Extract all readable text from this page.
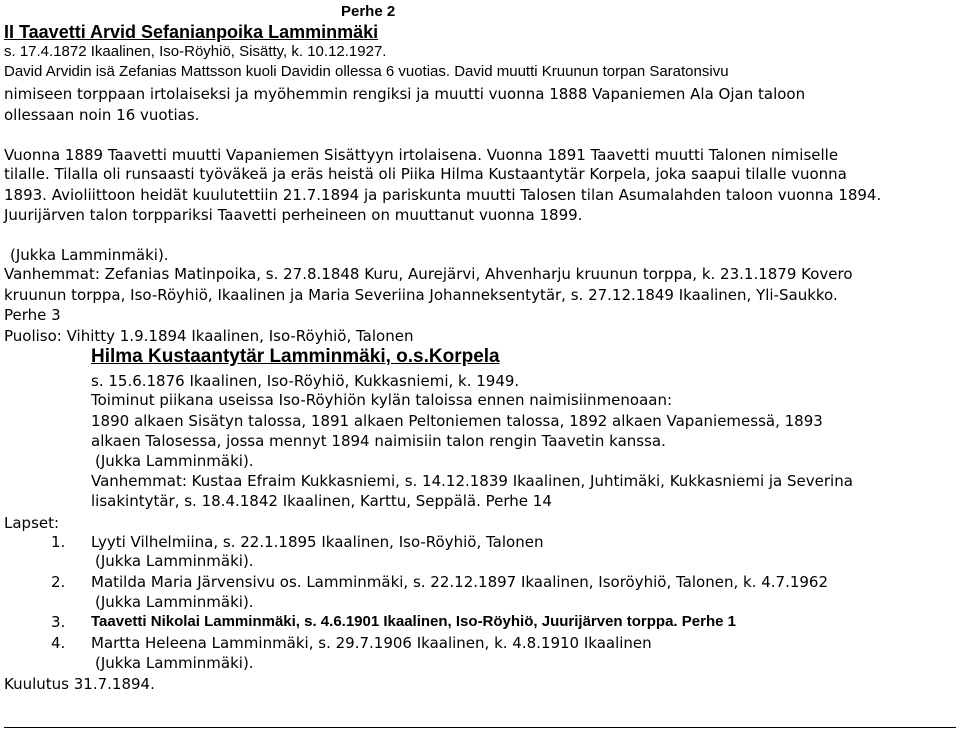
Perhe 2
II Taavetti Arvid Sefanianpoika Lamminmäki
s. 17.4.1872 Ikaalinen, Iso-Röyhiö, Sisätty, k. 10.12.1927.
David Arvidin isä Zefanias Mattsson kuoli Davidin ollessa 6 vuotias. David muutti Kruunun torpan Saratonsivu
nimiseen torppaan irtolaiseksi ja myöhemmin rengiksi ja muutti vuonna 1888 Vapaniemen Ala Ojan taloon
ollessaan noin 16 vuotias.
Vuonna 1889 Taavetti muutti Vapaniemen Sisättyyn irtolaisena. Vuonna 1891 Taavetti muutti Talonen nimiselle
tilalle. Tilalla oli runsaasti työväkeä ja eräs heistä oli Piika Hilma Kustaantytär Korpela, joka saapui tilalle vuonna
1893. Avioliittoon heidät kuulutettiin 21.7.1894 ja pariskunta muutti Talosen tilan Asumalahden taloon vuonna 1894.
Juurijärven talon torppariksi Taavetti perheineen on muuttanut vuonna 1899.
(Jukka Lamminmäki).
Vanhemmat: Zefanias Matinpoika, s. 27.8.1848 Kuru, Aurejärvi, Ahvenharju kruunun torppa, k. 23.1.1879 Kovero
kruunun torppa, Iso-Röyhiö, Ikaalinen ja Maria Severiina Johanneksentytär, s. 27.12.1849 Ikaalinen, Yli-Saukko.
Perhe 3
Puoliso: Vihitty 1.9.1894 Ikaalinen, Iso-Röyhiö, Talonen
Hilma Kustaantytär Lamminmäki, o.s.Korpela
s. 15.6.1876 Ikaalinen, Iso-Röyhiö, Kukkasniemi, k. 1949.
Toiminut piikana useissa Iso-Röyhiön kylän taloissa ennen naimisiinmenoaan:
1890 alkaen Sisätyn talossa, 1891 alkaen Peltoniemen talossa, 1892 alkaen Vapaniemessä, 1893
alkaen Talosessa, jossa mennyt 1894 naimisiin talon rengin Taavetin kanssa.
(Jukka Lamminmäki).
Vanhemmat: Kustaa Efraim Kukkasniemi, s. 14.12.1839 Ikaalinen, Juhtimäki, Kukkasniemi ja Severina
lisakintytär, s. 18.4.1842 Ikaalinen, Karttu, Seppälä. Perhe 14
Lapset:
1. Lyyti Vilhelmiina, s. 22.1.1895 Ikaalinen, Iso-Röyhiö, Talonen
(Jukka Lamminmäki).
2. Matilda Maria Järvensivu os. Lamminmäki, s. 22.12.1897 Ikaalinen, Isoröyhiö, Talonen, k. 4.7.1962
(Jukka Lamminmäki).
3. Taavetti Nikolai Lamminmäki, s. 4.6.1901 Ikaalinen, Iso-Röyhiö, Juurijärven torppa. Perhe 1
4. Martta Heleena Lamminmäki, s. 29.7.1906 Ikaalinen, k. 4.8.1910 Ikaalinen
(Jukka Lamminmäki).
Kuulutus 31.7.1894.
